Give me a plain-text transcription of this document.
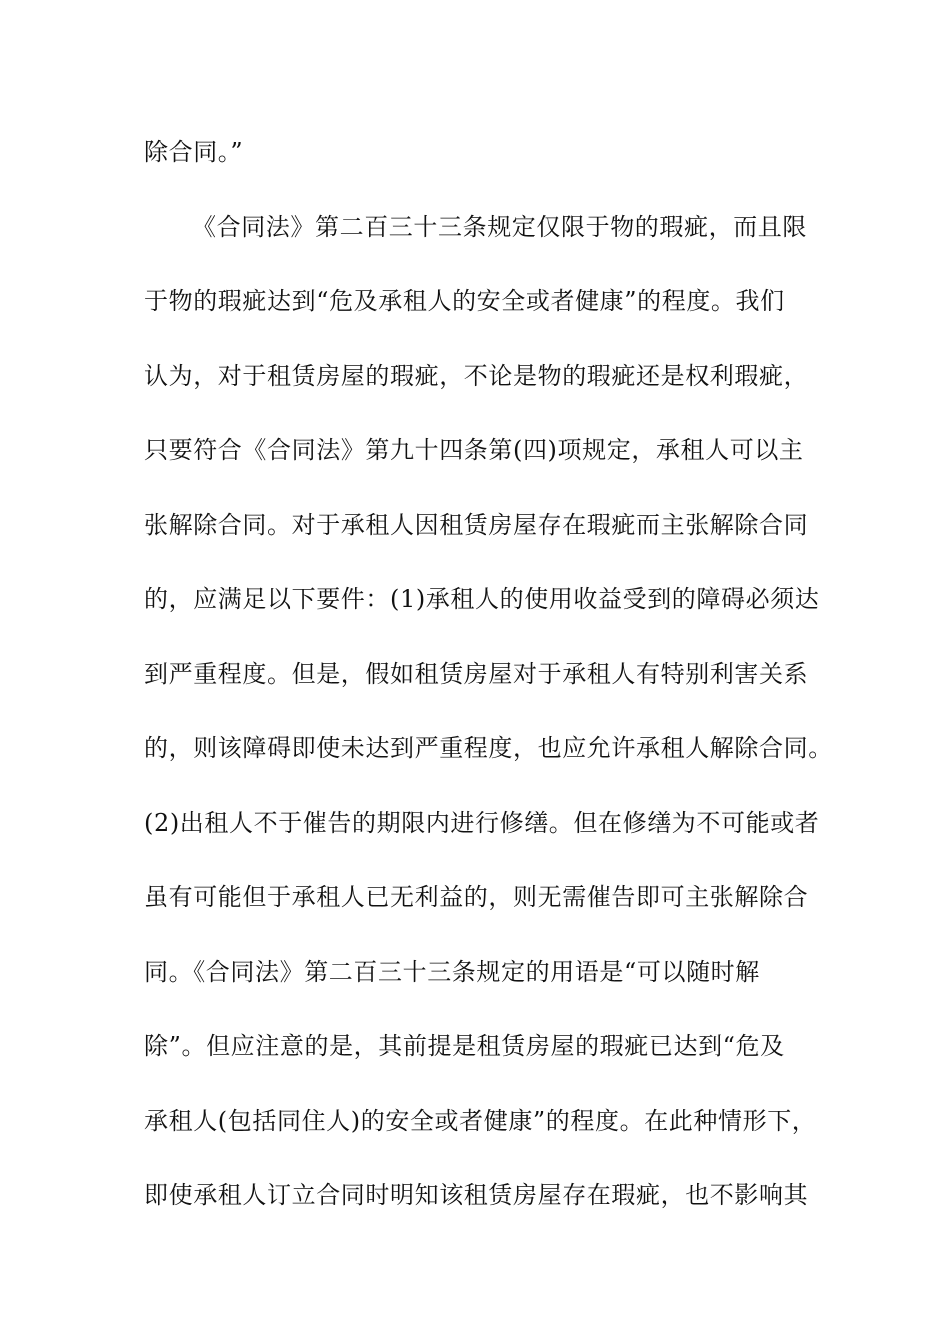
除合同。”
《合同法》第二百三十三条规定仅限于物的瑕疵，而且限
于物的瑕疵达到“危及承租人的安全或者健康”的程度。我们
认为，对于租赁房屋的瑕疵，不论是物的瑕疵还是权利瑕疵，
只要符合《合同法》第九十四条第(四)项规定，承租人可以主
张解除合同。对于承租人因租赁房屋存在瑕疵而主张解除合同
的，应满足以下要件：(1)承租人的使用收益受到的障碍必须达
到严重程度。但是，假如租赁房屋对于承租人有特别利害关系
的，则该障碍即使未达到严重程度，也应允许承租人解除合同。
(2)出租人不于催告的期限内进行修缮。但在修缮为不可能或者
虽有可能但于承租人已无利益的，则无需催告即可主张解除合
同。《合同法》第二百三十三条规定的用语是“可以随时解
除”。但应注意的是，其前提是租赁房屋的瑕疵已达到“危及
承租人(包括同住人)的安全或者健康”的程度。在此种情形下，
即使承租人订立合同时明知该租赁房屋存在瑕疵，也不影响其
